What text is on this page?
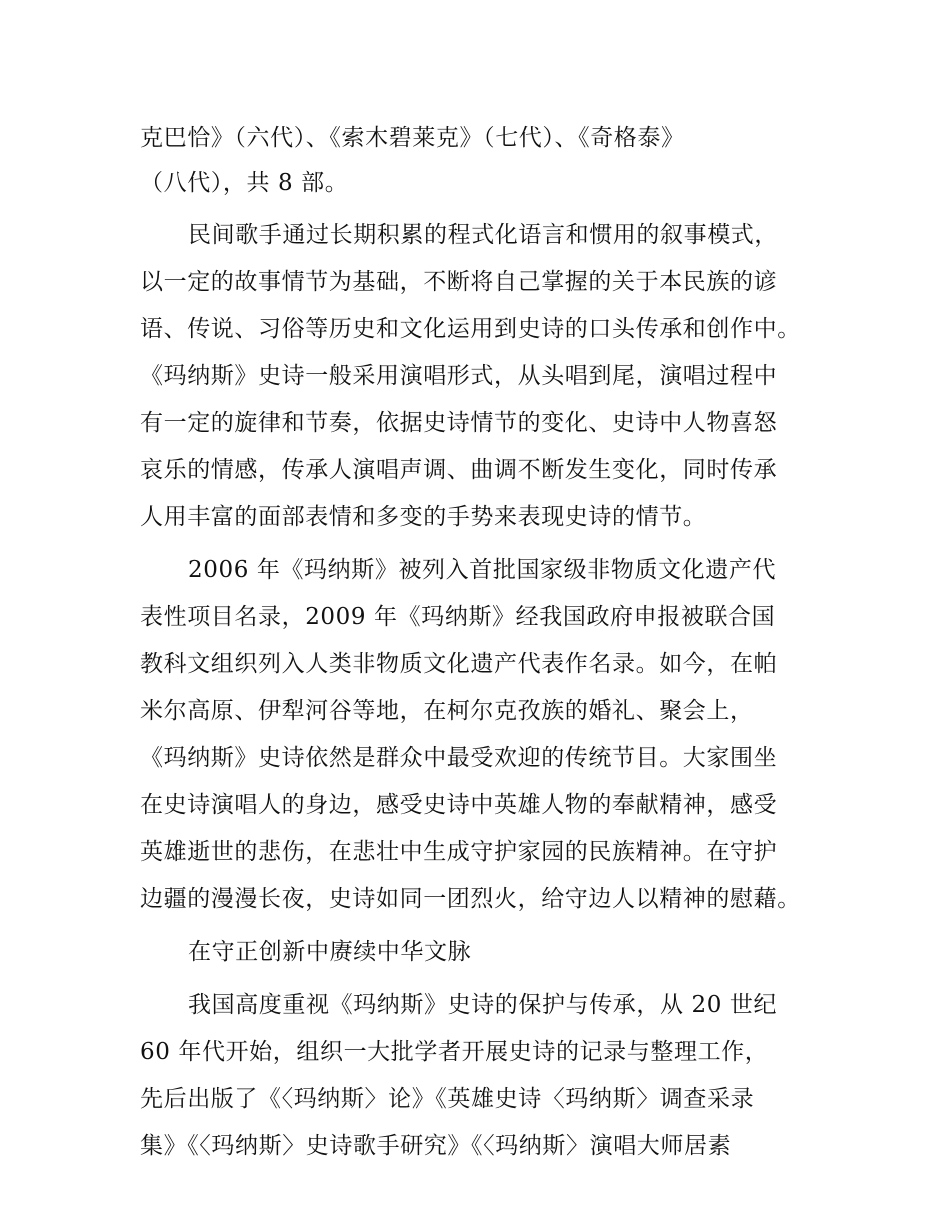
克巴恰》（六代）、《索木碧莱克》（七代）、《奇格泰》
（八代），共 8 部。
民间歌手通过长期积累的程式化语言和惯用的叙事模式，
以一定的故事情节为基础，不断将自己掌握的关于本民族的谚
语、传说、习俗等历史和文化运用到史诗的口头传承和创作中。
《玛纳斯》史诗一般采用演唱形式，从头唱到尾，演唱过程中
有一定的旋律和节奏，依据史诗情节的变化、史诗中人物喜怒
哀乐的情感，传承人演唱声调、曲调不断发生变化，同时传承
人用丰富的面部表情和多变的手势来表现史诗的情节。
2006 年《玛纳斯》被列入首批国家级非物质文化遗产代
表性项目名录，2009 年《玛纳斯》经我国政府申报被联合国
教科文组织列入人类非物质文化遗产代表作名录。如今，在帕
米尔高原、伊犁河谷等地，在柯尔克孜族的婚礼、聚会上，
《玛纳斯》史诗依然是群众中最受欢迎的传统节目。大家围坐
在史诗演唱人的身边，感受史诗中英雄人物的奉献精神，感受
英雄逝世的悲伤，在悲壮中生成守护家园的民族精神。在守护
边疆的漫漫长夜，史诗如同一团烈火，给守边人以精神的慰藉。
在守正创新中赓续中华文脉
我国高度重视《玛纳斯》史诗的保护与传承，从 20 世纪
60 年代开始，组织一大批学者开展史诗的记录与整理工作，
先后出版了《〈玛纳斯〉论》《英雄史诗〈玛纳斯〉调查采录
集》《〈玛纳斯〉史诗歌手研究》《〈玛纳斯〉演唱大师居素
